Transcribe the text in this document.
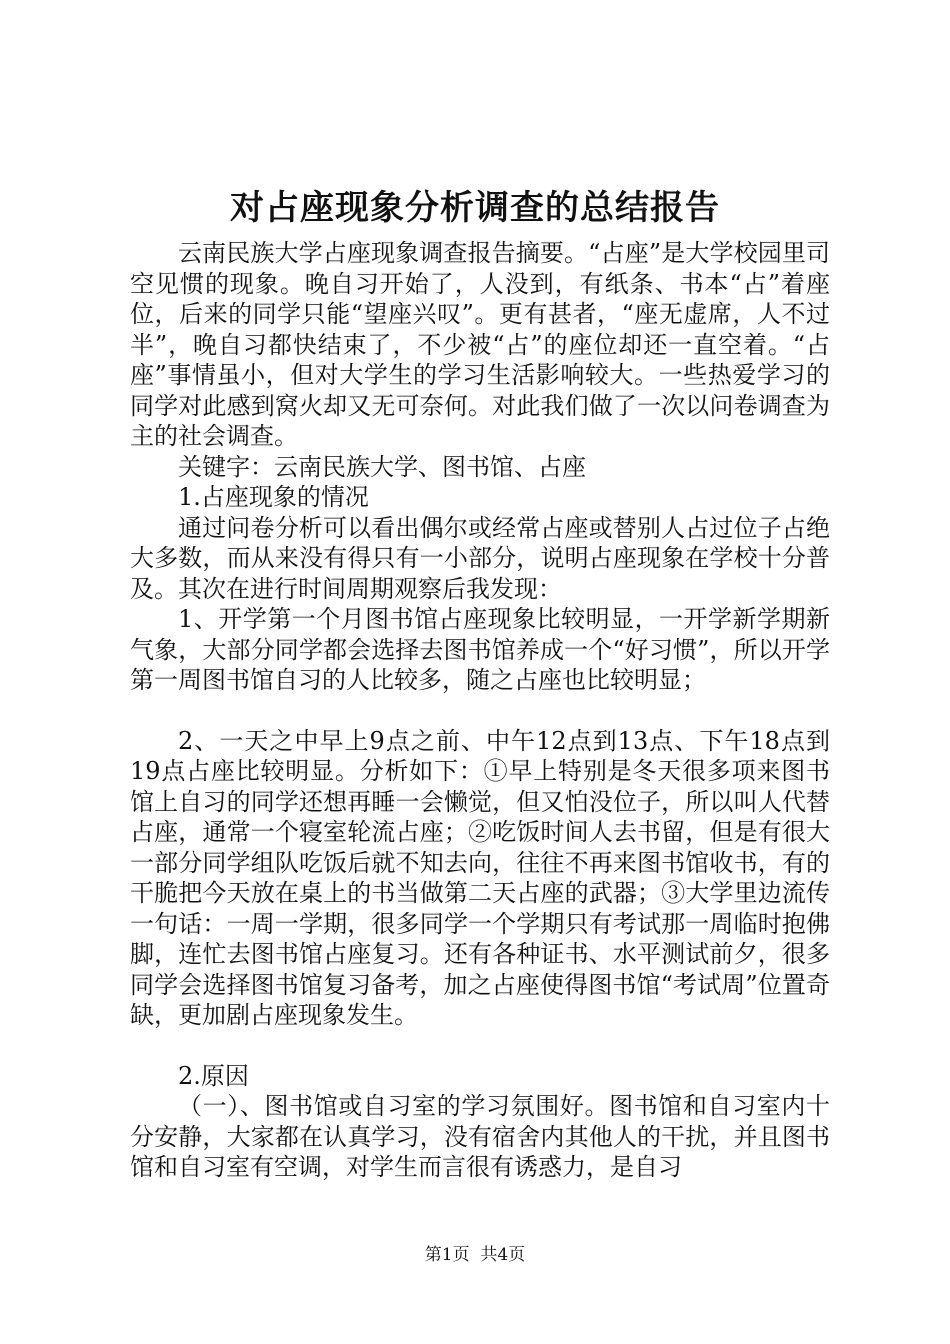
对占座现象分析调查的总结报告

云南民族大学占座现象调查报告摘要。“占座”是大学校园里司空见惯的现象。晚自习开始了，人没到，有纸条、书本“占”着座位，后来的同学只能“望座兴叹”。更有甚者，“座无虚席，人不过半”，晚自习都快结束了，不少被“占”的座位却还一直空着。“占座”事情虽小，但对大学生的学习生活影响较大。一些热爱学习的同学对此感到窝火却又无可奈何。对此我们做了一次以问卷调查为主的社会调查。

关键字：云南民族大学、图书馆、占座

1.占座现象的情况

通过问卷分析可以看出偶尔或经常占座或替别人占过位子占绝大多数，而从来没有得只有一小部分，说明占座现象在学校十分普及。其次在进行时间周期观察后我发现：

1、开学第一个月图书馆占座现象比较明显，一开学新学期新气象，大部分同学都会选择去图书馆养成一个“好习惯”，所以开学第一周图书馆自习的人比较多，随之占座也比较明显；

2、一天之中早上9点之前、中午12点到13点、下午18点到19点占座比较明显。分析如下：①早上特别是冬天很多项来图书馆上自习的同学还想再睡一会懒觉，但又怕没位子，所以叫人代替占座，通常一个寝室轮流占座；②吃饭时间人去书留，但是有很大一部分同学组队吃饭后就不知去向，往往不再来图书馆收书，有的干脆把今天放在桌上的书当做第二天占座的武器；③大学里边流传一句话：一周一学期，很多同学一个学期只有考试那一周临时抱佛脚，连忙去图书馆占座复习。还有各种证书、水平测试前夕，很多同学会选择图书馆复习备考，加之占座使得图书馆“考试周”位置奇缺，更加剧占座现象发生。

2.原因

（一）、图书馆或自习室的学习氛围好。图书馆和自习室内十分安静，大家都在认真学习，没有宿舍内其他人的干扰，并且图书馆和自习室有空调，对学生而言很有诱惑力，是自习

第1页  共4页
